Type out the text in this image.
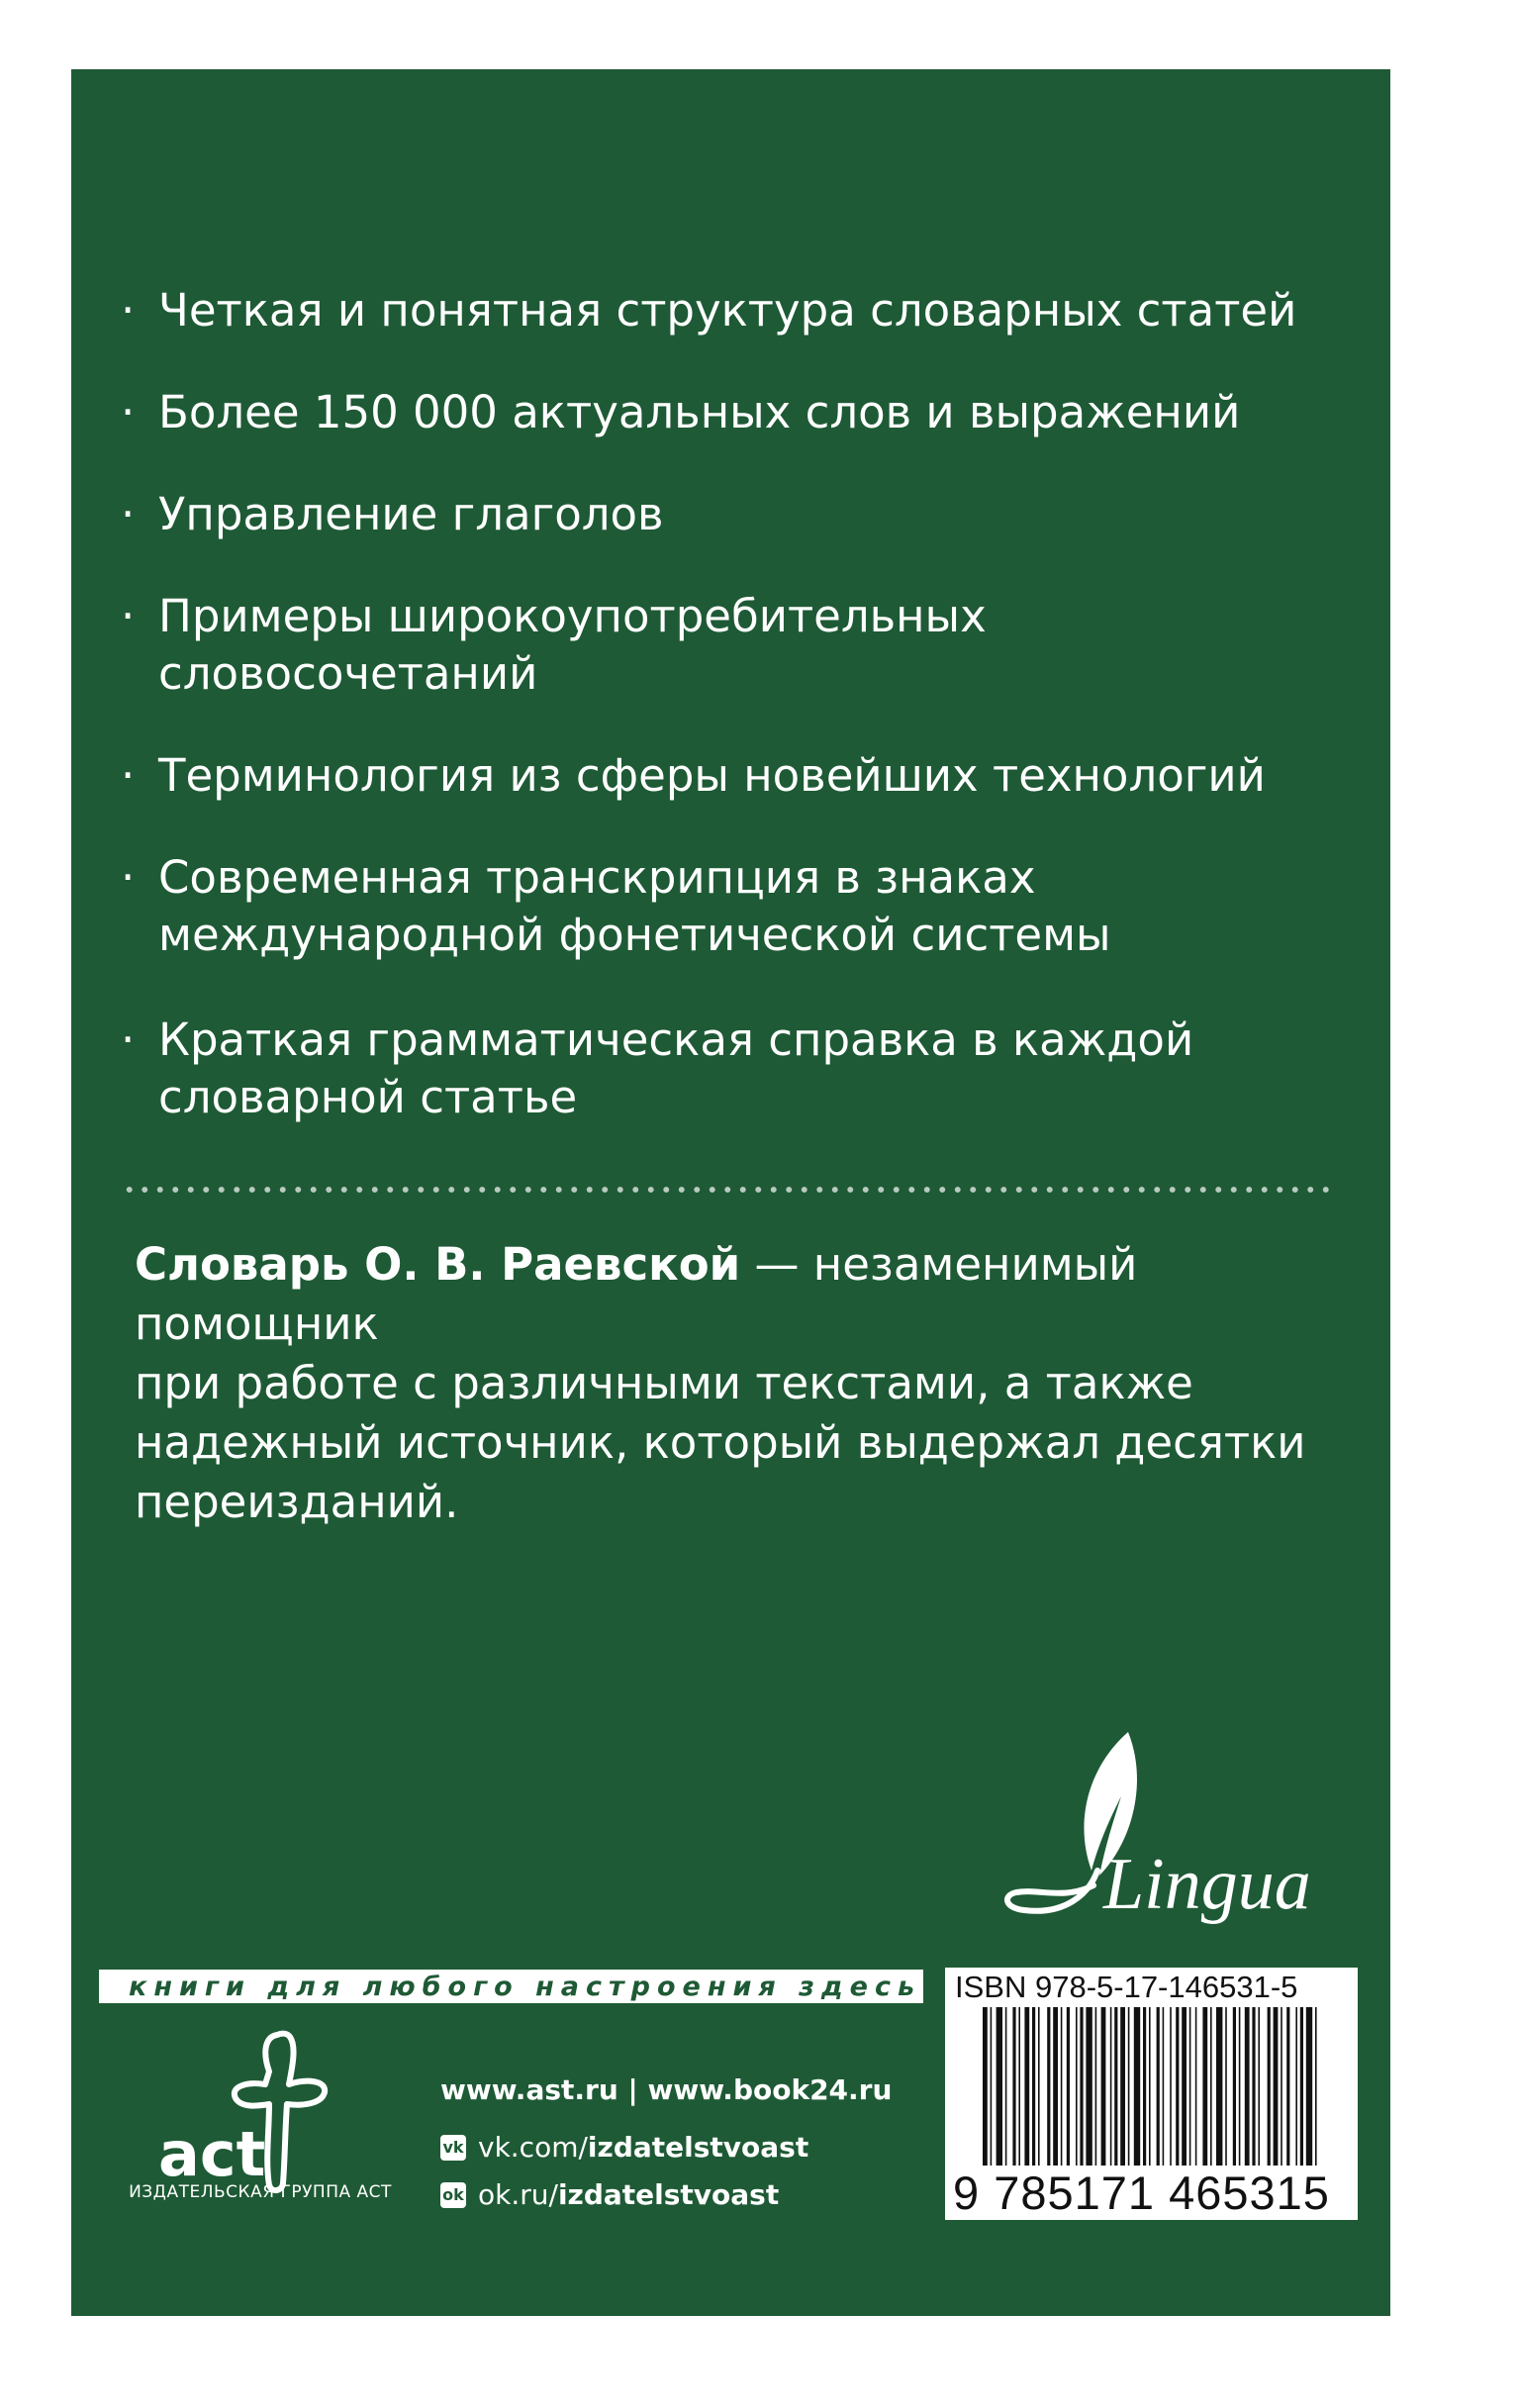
· Четкая и понятная структура словарных статей
· Более 150 000 актуальных слов и выражений
· Управление глаголов
· Примеры широкоупотребительных словосочетаний
· Терминология из сферы новейших технологий
· Современная транскрипция в знаках
международной фонетической системы
· Краткая грамматическая справка в каждой
словарной статье
Словарь О. В. Раевской — незаменимый помощник
при работе с различными текстами, а также
надежный источник, который выдержал десятки
переизданий.
Lingua
книги для любого настроения здесь
act
ИЗДАТЕЛЬСКАЯ ГРУППА АСТ
www.ast.ru | www.book24.ru
vk vk.com/ izdatelstvoast
ok ok.ru/ izdatelstvoast
ISBN 978-5-17-146531-5
9 785171 465315
